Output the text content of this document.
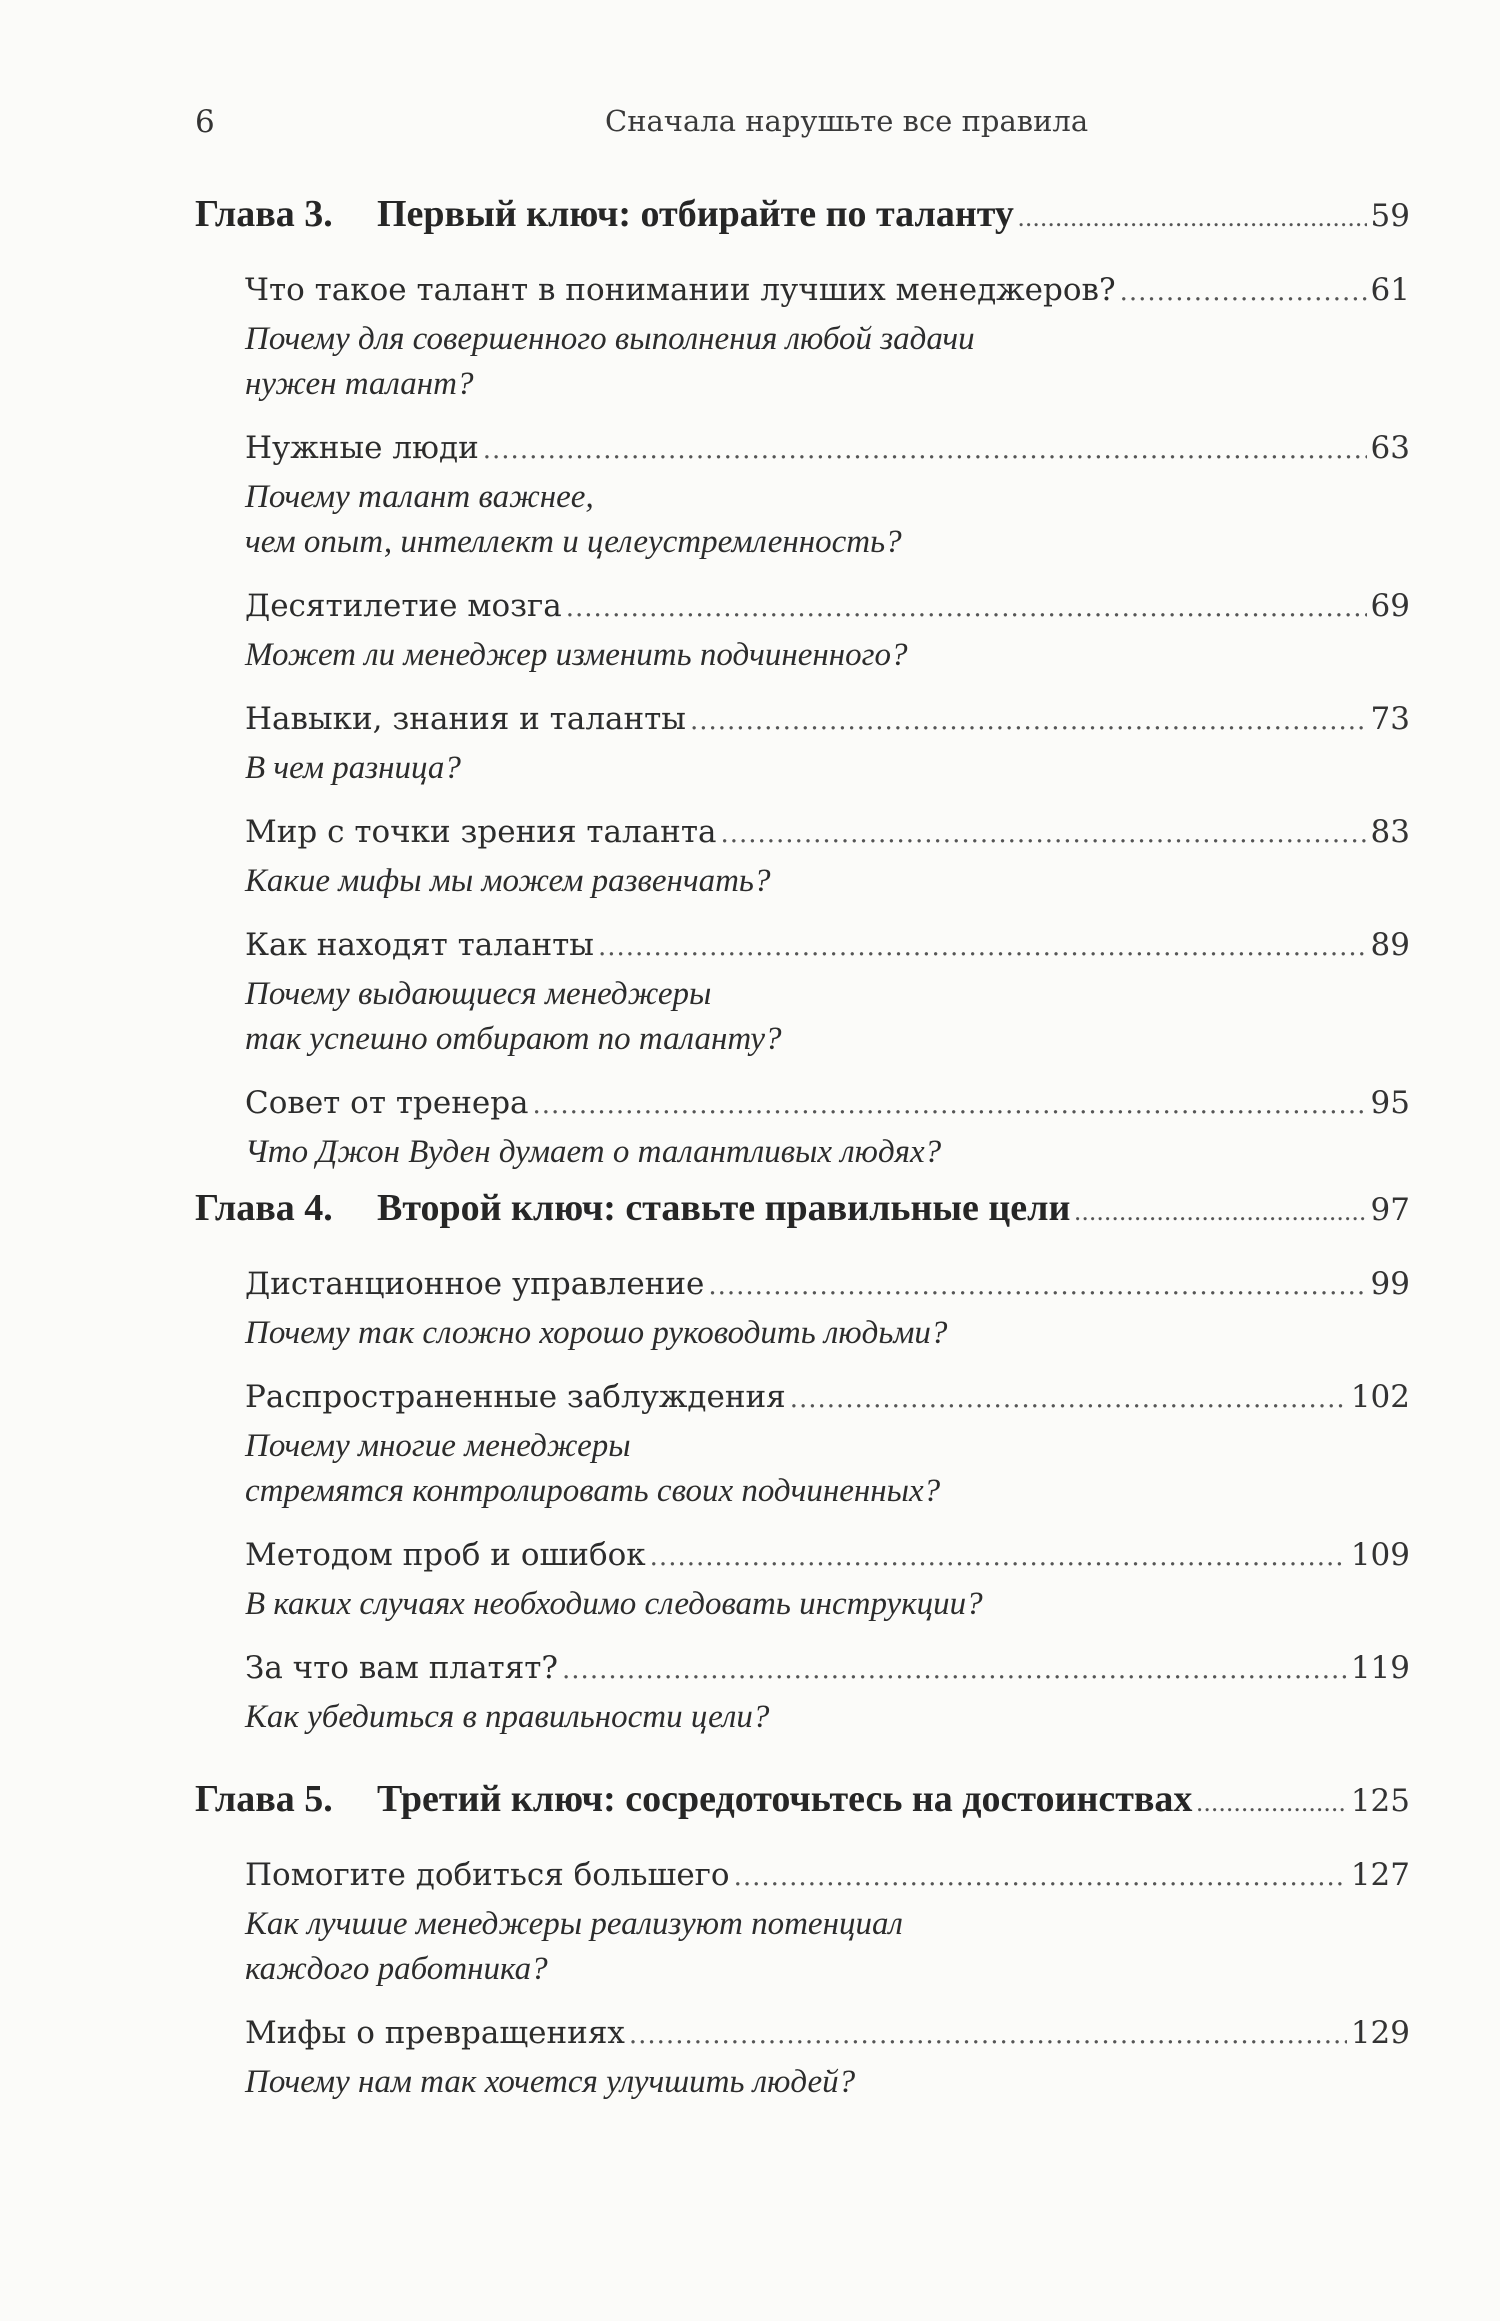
6	Сначала нарушьте все правила
Глава 3.	Первый ключ: отбирайте по таланту .....	59
Что такое талант в понимании лучших менеджеров? .....	61
Почему для совершенного выполнения любой задачи
нужен талант?
Нужные люди .....	63
Почему талант важнее,
чем опыт, интеллект и целеустремленность?
Десятилетие мозга .....	69
Может ли менеджер изменить подчиненного?
Навыки, знания и таланты .....	73
В чем разница?
Мир с точки зрения таланта .....	83
Какие мифы мы можем развенчать?
Как находят таланты .....	89
Почему выдающиеся менеджеры
так успешно отбирают по таланту?
Совет от тренера .....	95
Что Джон Вуден думает о талантливых людях?
Глава 4.	Второй ключ: ставьте правильные цели .....	97
Дистанционное управление .....	99
Почему так сложно хорошо руководить людьми?
Распространенные заблуждения .....	102
Почему многие менеджеры
стремятся контролировать своих подчиненных?
Методом проб и ошибок .....	109
В каких случаях необходимо следовать инструкции?
За что вам платят? .....	119
Как убедиться в правильности цели?
Глава 5.	Третий ключ: сосредоточьтесь на достоинствах .....	125
Помогите добиться большего .....	127
Как лучшие менеджеры реализуют потенциал
каждого работника?
Мифы о превращениях .....	129
Почему нам так хочется улучшить людей?
